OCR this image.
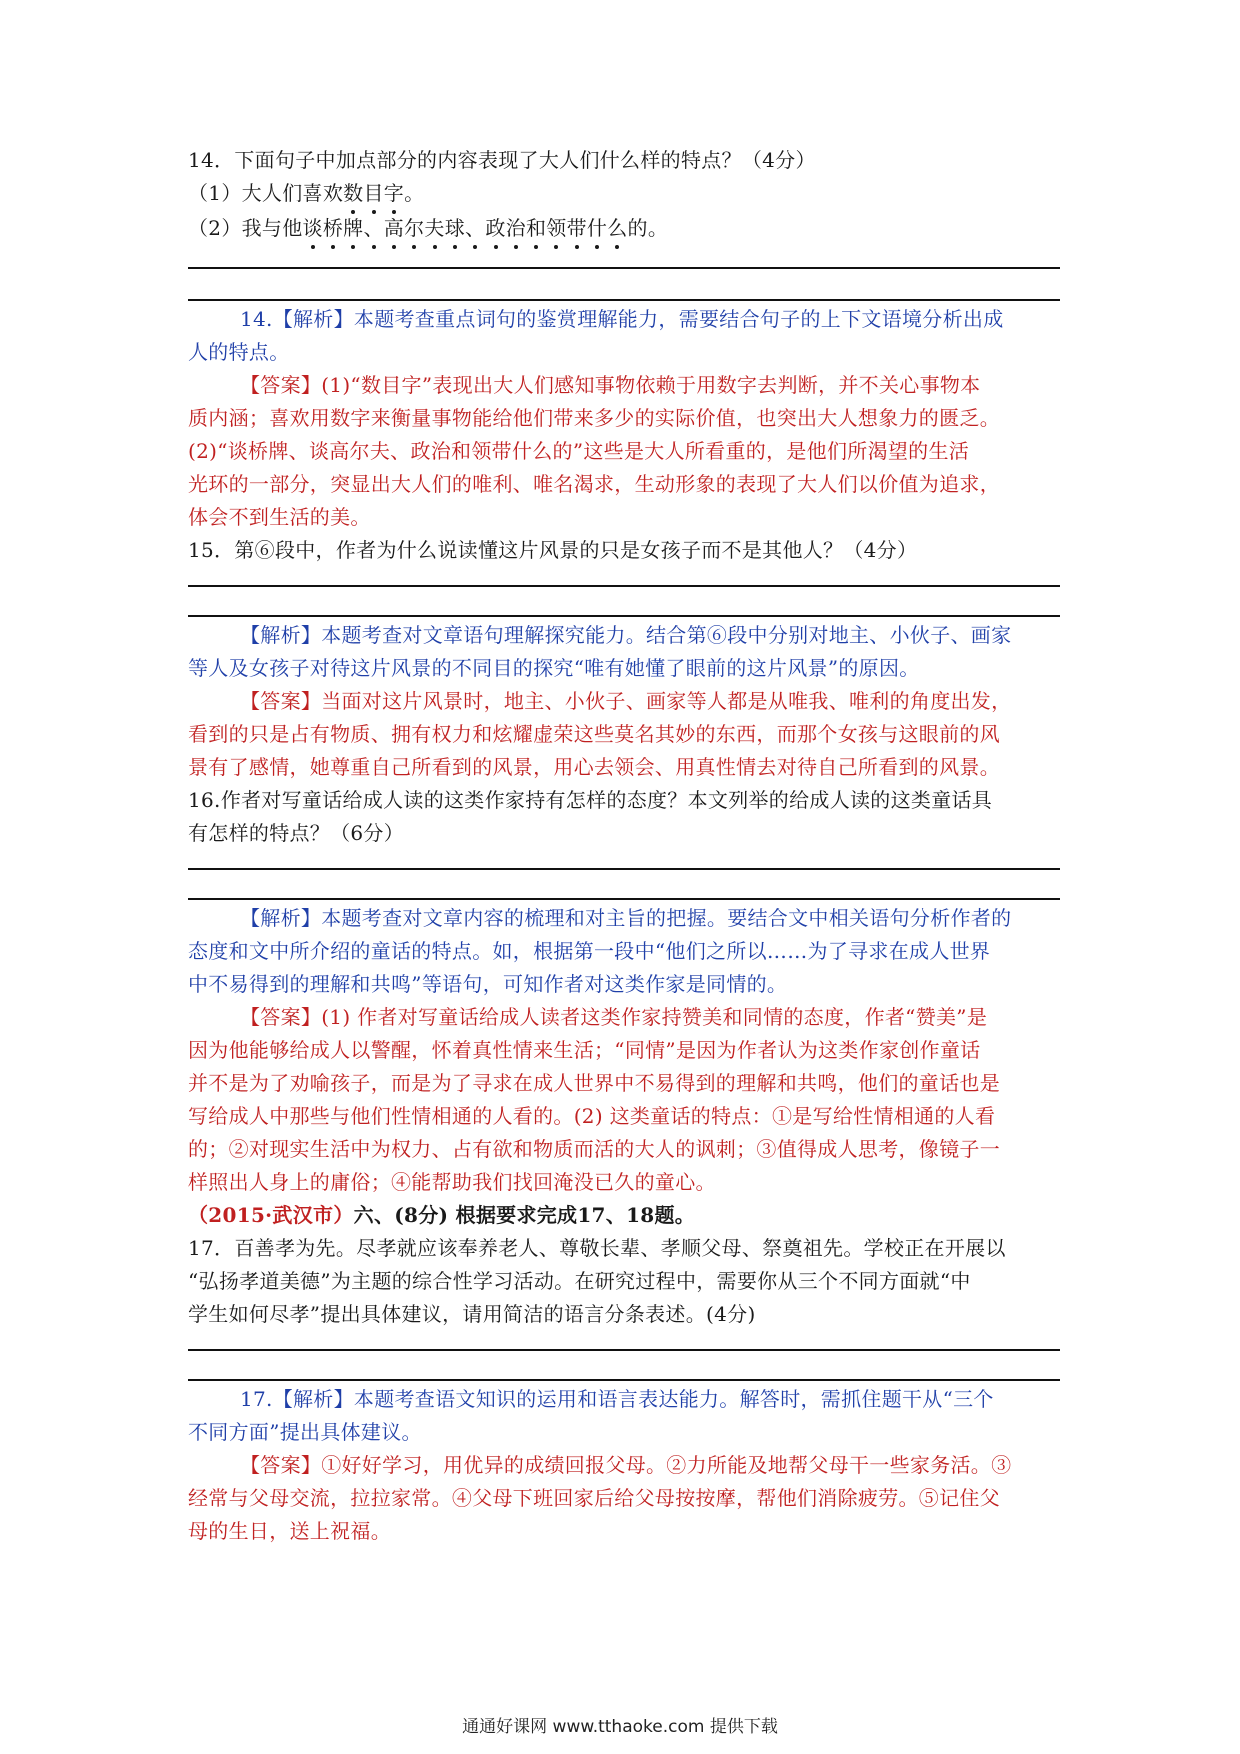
14．下面句子中加点部分的内容表现了大人们什么样的特点？（4分）

（1）大人们喜欢数目字。

（2）我与他谈桥牌、高尔夫球、政治和领带什么的。

14.【解析】本题考查重点词句的鉴赏理解能力，需要结合句子的上下文语境分析出成

人的特点。

【答案】(1)“数目字”表现出大人们感知事物依赖于用数字去判断，并不关心事物本

质内涵；喜欢用数字来衡量事物能给他们带来多少的实际价值，也突出大人想象力的匮乏。

(2)“谈桥牌、谈高尔夫、政治和领带什么的”这些是大人所看重的，是他们所渴望的生活

光环的一部分，突显出大人们的唯利、唯名渴求，生动形象的表现了大人们以价值为追求，

体会不到生活的美。

15．第⑥段中，作者为什么说读懂这片风景的只是女孩子而不是其他人？（4分）

【解析】本题考查对文章语句理解探究能力。结合第⑥段中分别对地主、小伙子、画家

等人及女孩子对待这片风景的不同目的探究“唯有她懂了眼前的这片风景”的原因。

【答案】当面对这片风景时，地主、小伙子、画家等人都是从唯我、唯利的角度出发，

看到的只是占有物质、拥有权力和炫耀虚荣这些莫名其妙的东西，而那个女孩与这眼前的风

景有了感情，她尊重自己所看到的风景，用心去领会、用真性情去对待自己所看到的风景。

16.作者对写童话给成人读的这类作家持有怎样的态度？本文列举的给成人读的这类童话具

有怎样的特点？（6分）

【解析】本题考查对文章内容的梳理和对主旨的把握。要结合文中相关语句分析作者的

态度和文中所介绍的童话的特点。如，根据第一段中“他们之所以……为了寻求在成人世界

中不易得到的理解和共鸣”等语句，可知作者对这类作家是同情的。

【答案】(1) 作者对写童话给成人读者这类作家持赞美和同情的态度，作者“赞美”是

因为他能够给成人以警醒，怀着真性情来生活；“同情”是因为作者认为这类作家创作童话

并不是为了劝喻孩子，而是为了寻求在成人世界中不易得到的理解和共鸣，他们的童话也是

写给成人中那些与他们性情相通的人看的。(2) 这类童话的特点：①是写给性情相通的人看

的；②对现实生活中为权力、占有欲和物质而活的大人的讽刺；③值得成人思考，像镜子一

样照出人身上的庸俗；④能帮助我们找回淹没已久的童心。

（2015·武汉市）六、(8分) 根据要求完成17、18题。

17．百善孝为先。尽孝就应该奉养老人、尊敬长辈、孝顺父母、祭奠祖先。学校正在开展以

“弘扬孝道美德”为主题的综合性学习活动。在研究过程中，需要你从三个不同方面就“中

学生如何尽孝”提出具体建议，请用简洁的语言分条表述。(4分)

17.【解析】本题考查语文知识的运用和语言表达能力。解答时，需抓住题干从“三个

不同方面”提出具体建议。

【答案】①好好学习，用优异的成绩回报父母。②力所能及地帮父母干一些家务活。③

经常与父母交流，拉拉家常。④父母下班回家后给父母按按摩，帮他们消除疲劳。⑤记住父

母的生日，送上祝福。

通通好课网 www.tthaoke.com 提供下载
